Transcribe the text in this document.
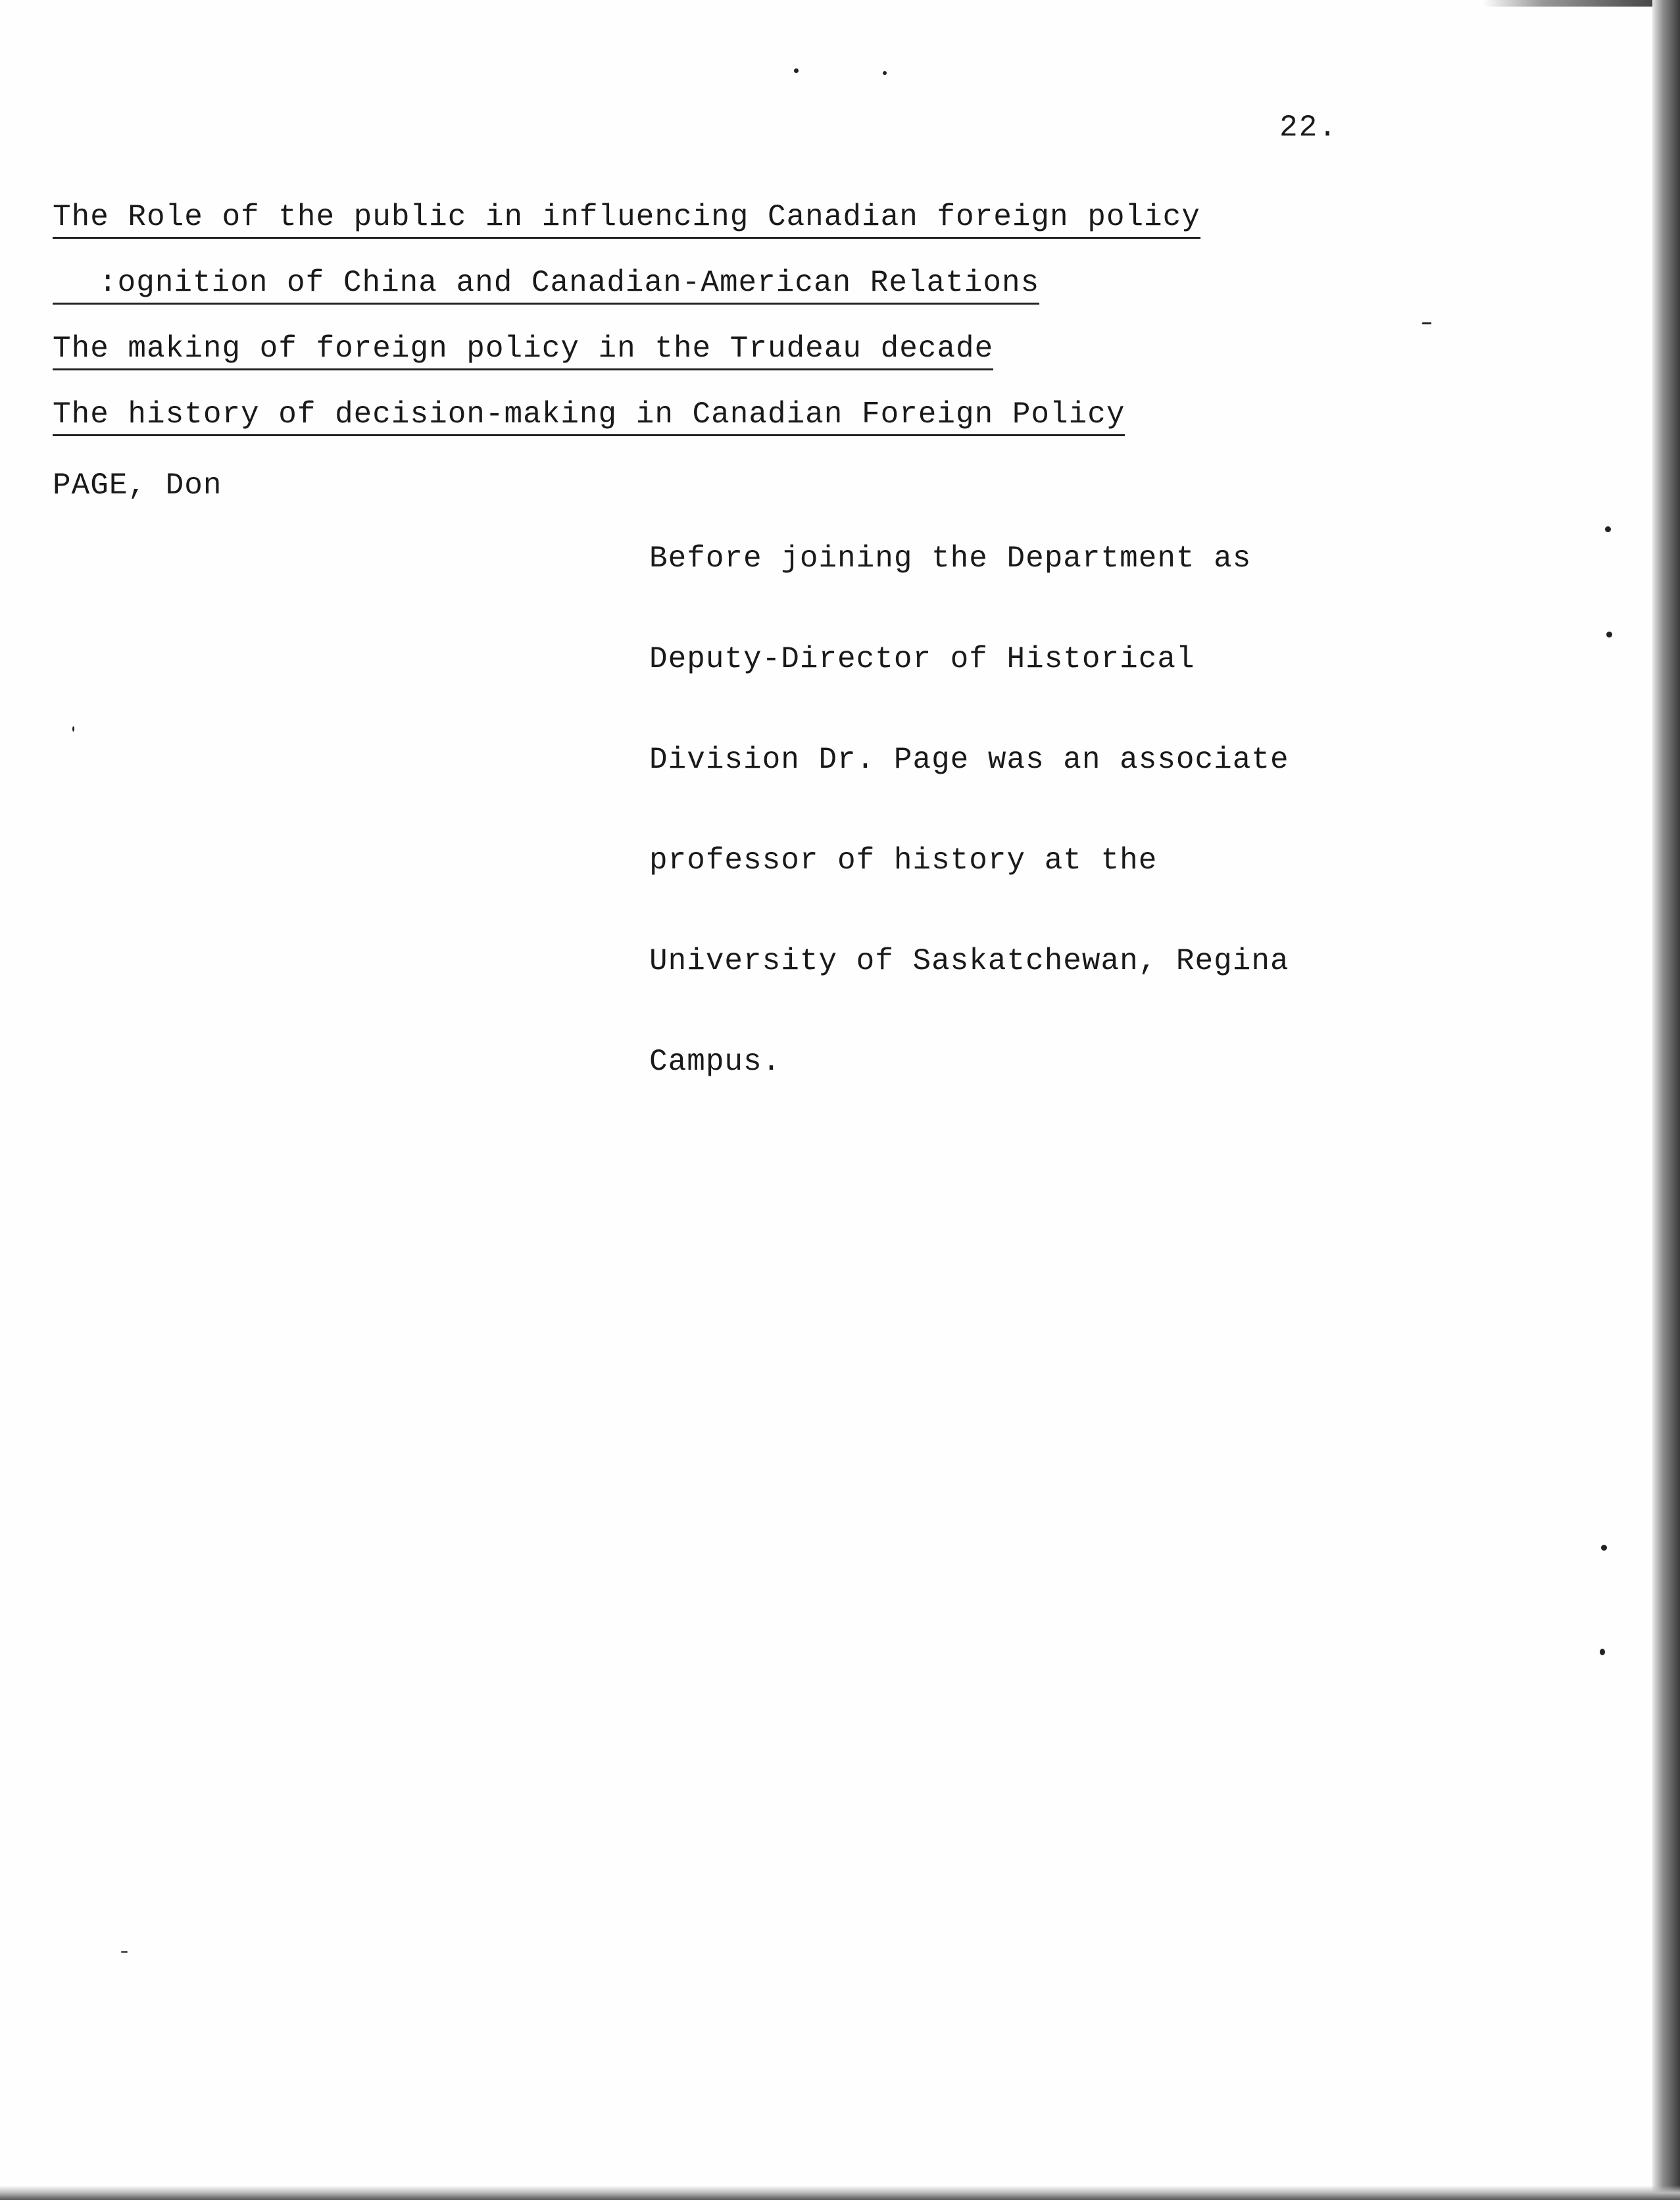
22.
The Role of the public in influencing Canadian foreign policy
:ognition of China and Canadian-American Relations
The making of foreign policy in the Trudeau decade
The history of decision-making in Canadian Foreign Policy
PAGE, Don

Before joining the Department as

Deputy-Director of Historical

Division Dr. Page was an associate

professor of history at the

University of Saskatchewan, Regina

Campus.
